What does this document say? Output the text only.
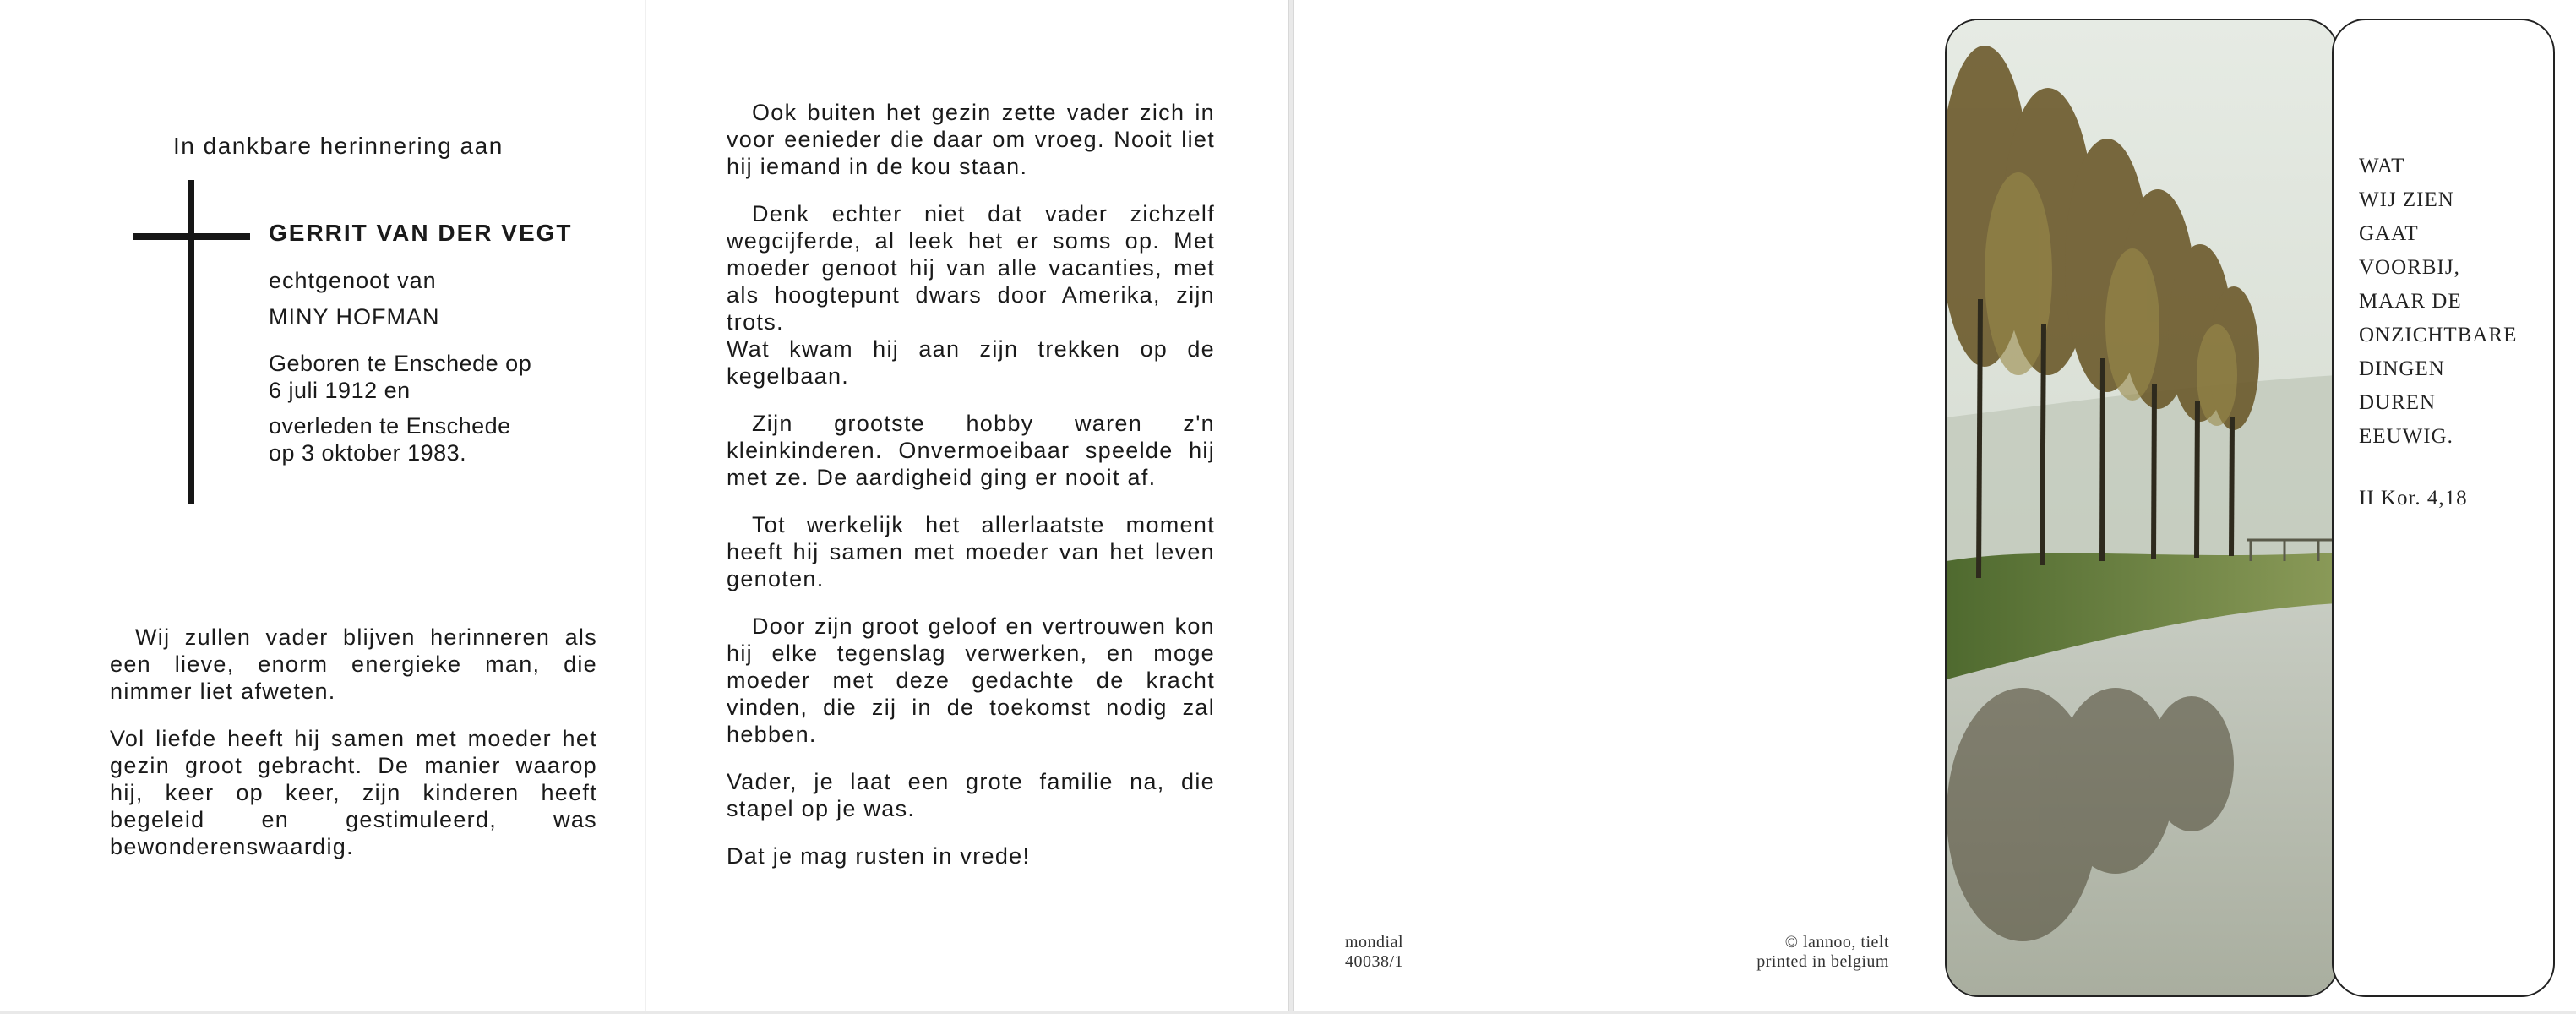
In dankbare herinnering aan
GERRIT VAN DER VEGT
echtgenoot van
MINY HOFMAN
Geboren te Enschede op
6 juli 1912 en
overleden te Enschede
op 3 oktober 1983.

Wij zullen vader blijven herinneren als een lieve, enorm energieke man, die nimmer liet afweten.

Vol liefde heeft hij samen met moeder het gezin groot gebracht. De manier waarop hij, keer op keer, zijn kinderen heeft begeleid en gestimuleerd, was bewonderenswaardig.

Ook buiten het gezin zette vader zich in voor eenieder die daar om vroeg. Nooit liet hij iemand in de kou staan.

Denk echter niet dat vader zichzelf wegcijferde, al leek het er soms op. Met moeder genoot hij van alle vacanties, met als hoogtepunt dwars door Amerika, zijn trots.

Wat kwam hij aan zijn trekken op de kegelbaan.

Zijn grootste hobby waren z'n kleinkinderen. Onvermoeibaar speelde hij met ze. De aardigheid ging er nooit af.

Tot werkelijk het allerlaatste moment heeft hij samen met moeder van het leven genoten.

Door zijn groot geloof en vertrouwen kon hij elke tegenslag verwerken, en moge moeder met deze gedachte de kracht vinden, die zij in de toekomst nodig zal hebben.

Vader, je laat een grote familie na, die stapel op je was.

Dat je mag rusten in vrede!

mondial
40038/1
© lannoo, tielt
printed in belgium
WAT
WIJ ZIEN
GAAT
VOORBIJ,
MAAR DE
ONZICHTBARE
DINGEN
DUREN
EEUWIG.
II Kor. 4,18
